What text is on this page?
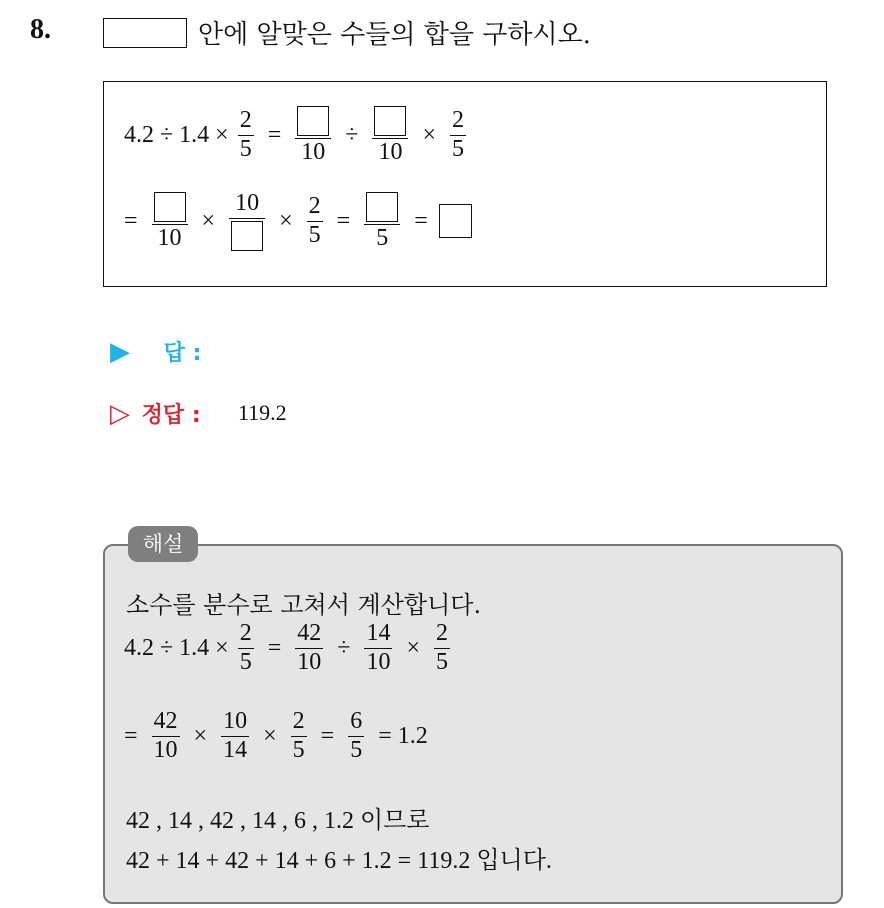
8.	안에 알맞은 수들의 합을 구하시오.
$4.2 \div 1.4 \times \frac{2}{5}$ =
10
÷
10
× $\frac{2}{5}$
=
10
×
10
× $\frac{2}{5}$ =
5
=
▶ 답 :
▷ 정답 : 119.2
해설
소수를 분수로 고쳐서 계산합니다.
$4.2 \div 1.4 \times \frac{2}{5} = \frac{42}{10} \div \frac{14}{10} \times \frac{2}{5}$
= $\frac{42}{10} \times \frac{10}{14} \times \frac{2}{5} = \frac{6}{5} = 1.2$
42 , 14 , 42 , 14 , 6 , 1.2 이므로
42 + 14 + 42 + 14 + 6 + 1.2 = 119.2 입니다.
